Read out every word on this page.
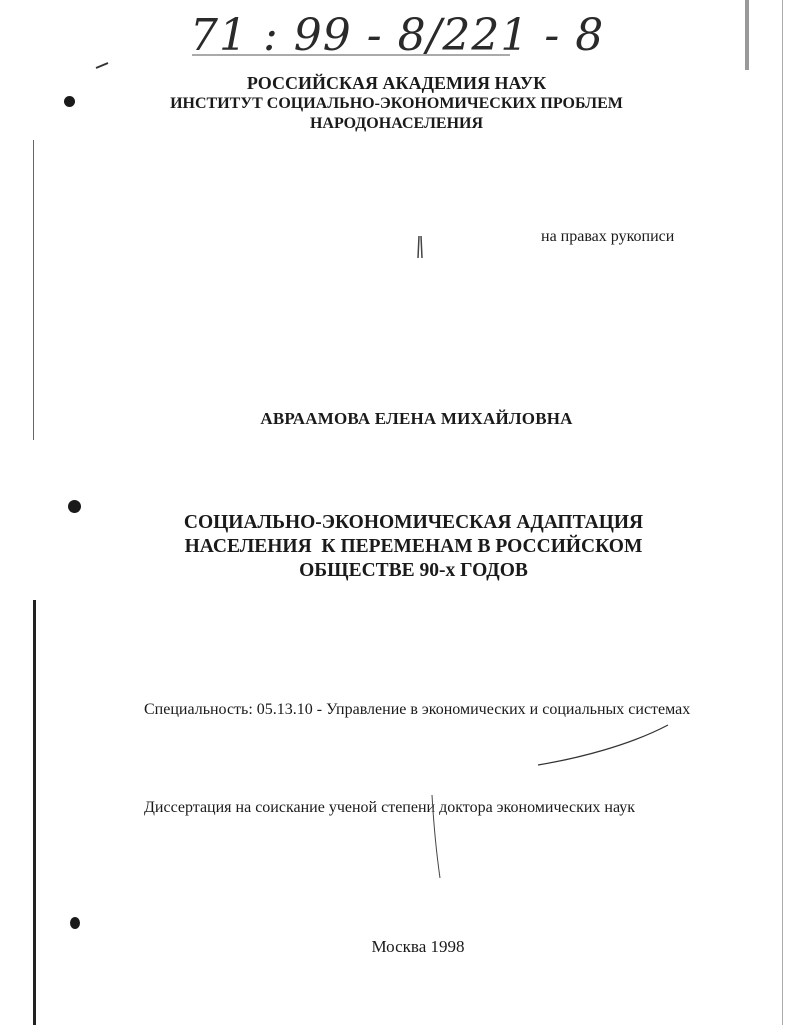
71 : 99 - 8/221 - 8
РОССИЙСКАЯ АКАДЕМИЯ НАУК
ИНСТИТУТ СОЦИАЛЬНО-ЭКОНОМИЧЕСКИХ ПРОБЛЕМ
НАРОДОНАСЕЛЕНИЯ
на правах рукописи
АВРААМОВА ЕЛЕНА МИХАЙЛОВНА
СОЦИАЛЬНО-ЭКОНОМИЧЕСКАЯ АДАПТАЦИЯ
НАСЕЛЕНИЯ  К ПЕРЕМЕНАМ В РОССИЙСКОМ
ОБЩЕСТВЕ 90-х ГОДОВ
Специальность: 05.13.10 - Управление в экономических и социальных системах
Диссертация на соискание ученой степени доктора экономических наук
Москва 1998
